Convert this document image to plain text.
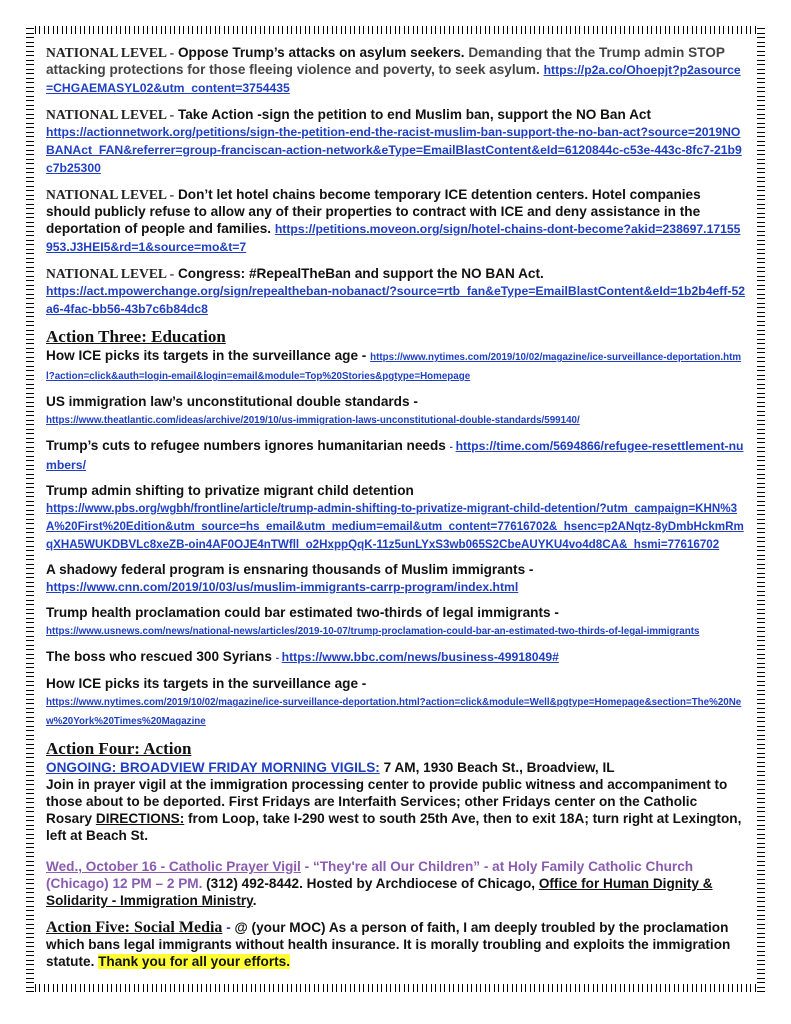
NATIONAL LEVEL - Oppose Trump’s attacks on asylum seekers. Demanding that the Trump admin STOP attacking protections for those fleeing violence and poverty, to seek asylum. https://p2a.co/Ohoepjt?p2asource=CHGAEMASYL02&utm_content=3754435
NATIONAL LEVEL - Take Action -sign the petition to end Muslim ban, support the NO Ban Act
https://actionnetwork.org/petitions/sign-the-petition-end-the-racist-muslim-ban-support-the-no-ban-act?source=2019NOBANAct_FAN&referrer=group-franciscan-action-network&eType=EmailBlastContent&eId=6120844c-c53e-443c-8fc7-21b9c7b25300
NATIONAL LEVEL - Don’t let hotel chains become temporary ICE detention centers. Hotel companies should publicly refuse to allow any of their properties to contract with ICE and deny assistance in the deportation of people and families. https://petitions.moveon.org/sign/hotel-chains-dont-become?akid=238697.17155953.J3HEI5&rd=1&source=mo&t=7
NATIONAL LEVEL - Congress: #RepealTheBan and support the NO BAN Act.
https://act.mpowerchange.org/sign/repealtheban-nobanact/?source=rtb_fan&eType=EmailBlastContent&eId=1b2b4eff-52a6-4fac-bb56-43b7c6b84dc8
Action Three: Education
How ICE picks its targets in the surveillance age - https://www.nytimes.com/2019/10/02/magazine/ice-surveillance-deportation.html?action=click&auth=login-email&login=email&module=Top%20Stories&pgtype=Homepage
US immigration law’s unconstitutional double standards -
https://www.theatlantic.com/ideas/archive/2019/10/us-immigration-laws-unconstitutional-double-standards/599140/
Trump’s cuts to refugee numbers ignores humanitarian needs - https://time.com/5694866/refugee-resettlement-numbers/
Trump admin shifting to privatize migrant child detention
https://www.pbs.org/wgbh/frontline/article/trump-admin-shifting-to-privatize-migrant-child-detention/?utm_campaign=KHN%3A%20First%20Edition&utm_source=hs_email&utm_medium=email&utm_content=77616702&_hsenc=p2ANqtz-8yDmbHckmRmqXHA5WUKDBVLc8xeZB-oin4AF0OJE4nTWfll_o2HxppQqK-11z5unLYxS3wb065S2CbeAUYKU4vo4d8CA&_hsmi=77616702
A shadowy federal program is ensnaring thousands of Muslim immigrants -
https://www.cnn.com/2019/10/03/us/muslim-immigrants-carrp-program/index.html
Trump health proclamation could bar estimated two-thirds of legal immigrants -
https://www.usnews.com/news/national-news/articles/2019-10-07/trump-proclamation-could-bar-an-estimated-two-thirds-of-legal-immigrants
The boss who rescued 300 Syrians - https://www.bbc.com/news/business-49918049#
How ICE picks its targets in the surveillance age -
https://www.nytimes.com/2019/10/02/magazine/ice-surveillance-deportation.html?action=click&module=Well&pgtype=Homepage&section=The%20New%20York%20Times%20Magazine
Action Four: Action
ONGOING: BROADVIEW FRIDAY MORNING VIGILS: 7 AM, 1930 Beach St., Broadview, IL
Join in prayer vigil at the immigration processing center to provide public witness and accompaniment to those about to be deported. First Fridays are Interfaith Services; other Fridays center on the Catholic Rosary DIRECTIONS: from Loop, take I-290 west to south 25th Ave, then to exit 18A; turn right at Lexington, left at Beach St.
Wed., October 16 - Catholic Prayer Vigil - “They're all Our Children” - at Holy Family Catholic Church (Chicago) 12 PM – 2 PM. (312) 492-8442. Hosted by Archdiocese of Chicago, Office for Human Dignity & Solidarity - Immigration Ministry.
Action Five: Social Media - @ (your MOC) As a person of faith, I am deeply troubled by the proclamation which bans legal immigrants without health insurance. It is morally troubling and exploits the immigration statute. Thank you for all your efforts.
